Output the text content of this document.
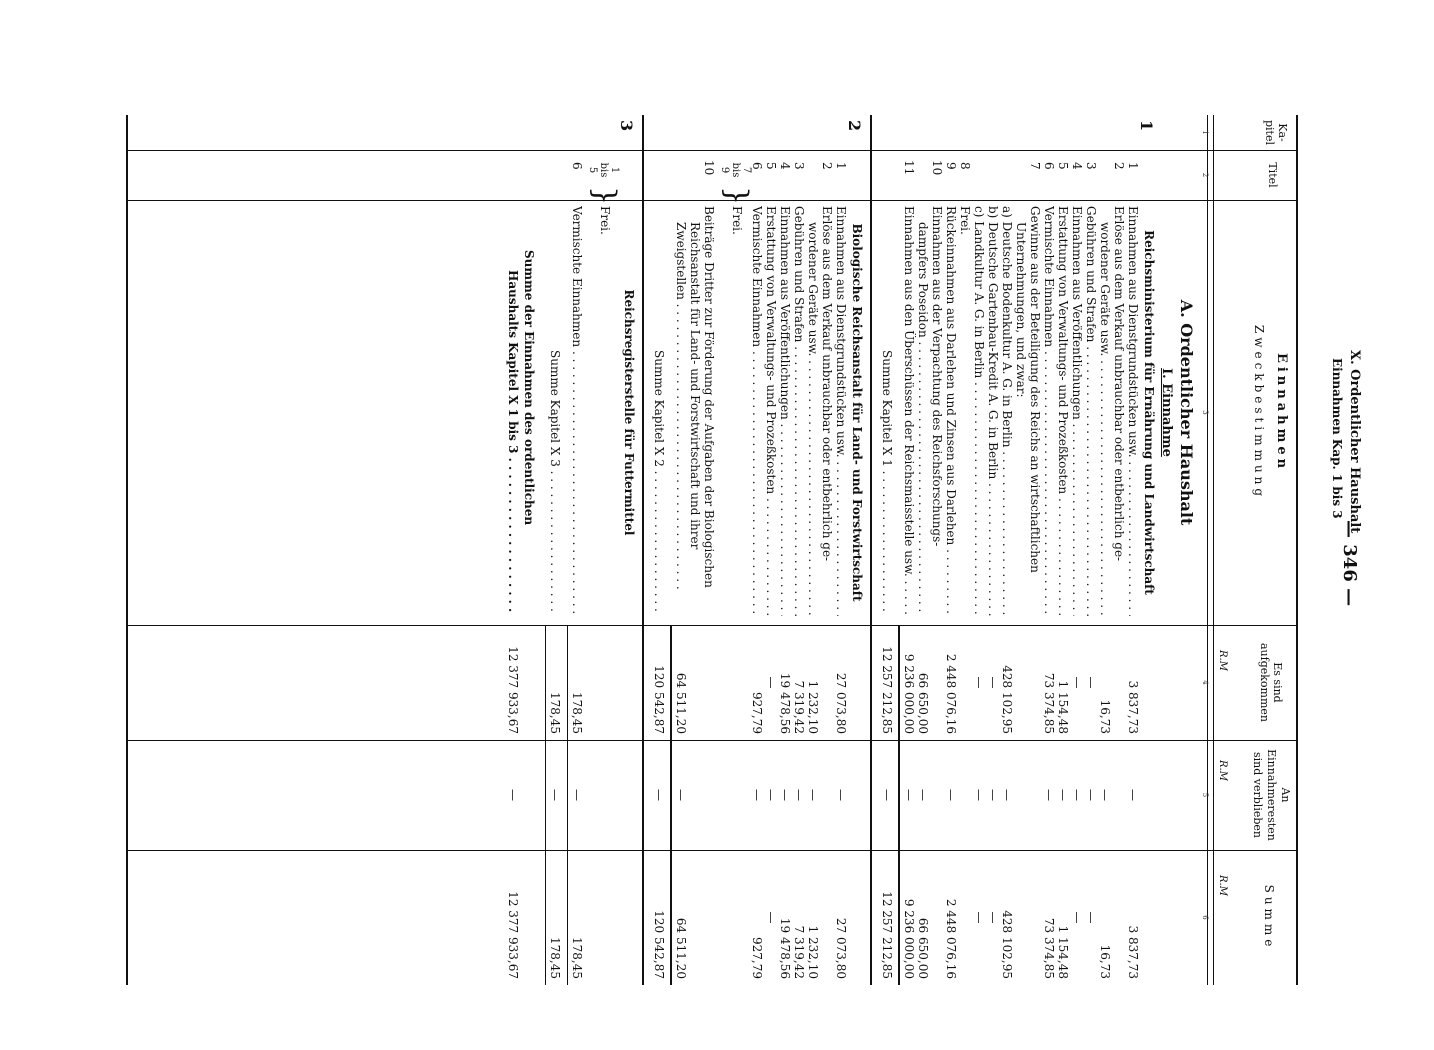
X. Ordentlicher Haushalt
Einnahmen Kap. 1 bis 3
— 346 —
Ka-
pitel
Titel
Einnahmen
Zweckbestimmung
Es sind
aufgekommen
An
Einnahmeresten
sind verblieben
Summe
R.M
R.M
R.M
1
2
3
4
5
6
A. Ordentlicher Haushalt
I. Einnahme
1
Reichsministerium für Ernährung und Landwirtschaft
1
Einnahmen aus Dienstgrundstücken usw. . . .
3 837,73
—
3 837,73
2
Erlöse aus dem Verkauf unbrauchbar oder entbehrlich ge-
wordener Geräte usw. . . .
16,73
—
16,73
3
Gebühren und Strafen . . .
—
—
—
4
Einnahmen aus Veröffentlichungen . . .
—
—
—
5
Erstattung von Verwaltungs- und Prozeßkosten . . .
1 154,48
—
1 154,48
6
Vermischte Einnahmen . . .
73 374,85
—
73 374,85
7
Gewinne aus der Beteiligung des Reichs an wirtschaftlichen
Unternehmungen, und zwar:
a) Deutsche Bodenkultur A. G. in Berlin . . .
428 102,95
—
428 102,95
b) Deutsche Gartenbau-Kredit A. G. in Berlin . . .
—
—
—
c) Landkultur A. G. in Berlin . . .
—
—
—
8
Frei.
9
Rückeinnahmen aus Darlehen und Zinsen aus Darlehen . . .
2 448 076,16
—
2 448 076,16
10
Einnahmen aus der Verpachtung des Reichsforschungs-
dampfers Poseidon . . .
66 650,00
—
66 650,00
11
Einnahmen aus den Überschüssen der Reichsmaisstelle usw. . . .
9 236 000,00
—
9 236 000,00
Summe Kapitel X 1 . . .
12 257 212,85
—
12 257 212,85
2
Biologische Reichsanstalt für Land- und Forstwirtschaft
1
Einnahmen aus Dienstgrundstücken usw. . . .
27 073,80
—
27 073,80
2
Erlöse aus dem Verkauf unbrauchbar oder entbehrlich ge-
wordener Geräte usw. . . .
1 232,10
—
1 232,10
3
Gebühren und Strafen . . .
7 319,42
—
7 319,42
4
Einnahmen aus Veröffentlichungen . . .
19 478,56
—
19 478,56
5
Erstattung von Verwaltungs- und Prozeßkosten . . .
—
—
—
6
Vermischte Einnahmen . . .
927,79
—
927,79
7
bis
9
}
Frei.
10
Beiträge Dritter zur Förderung der Aufgaben der Biologischen
Reichsanstalt für Land- und Forstwirtschaft und ihrer
Zweigstellen . . .
64 511,20
—
64 511,20
Summe Kapitel X 2 . . .
120 542,87
—
120 542,87
3
Reichsregisterstelle für Futtermittel
1
bis
5
}
Frei.
6
Vermischte Einnahmen . . .
178,45
—
178,45
Summe Kapitel X 3 . . .
178,45
—
178,45
Summe der Einnahmen des ordentlichen
Haushalts Kapitel X 1 bis 3 . . .
12 377 933,67
—
12 377 933,67
